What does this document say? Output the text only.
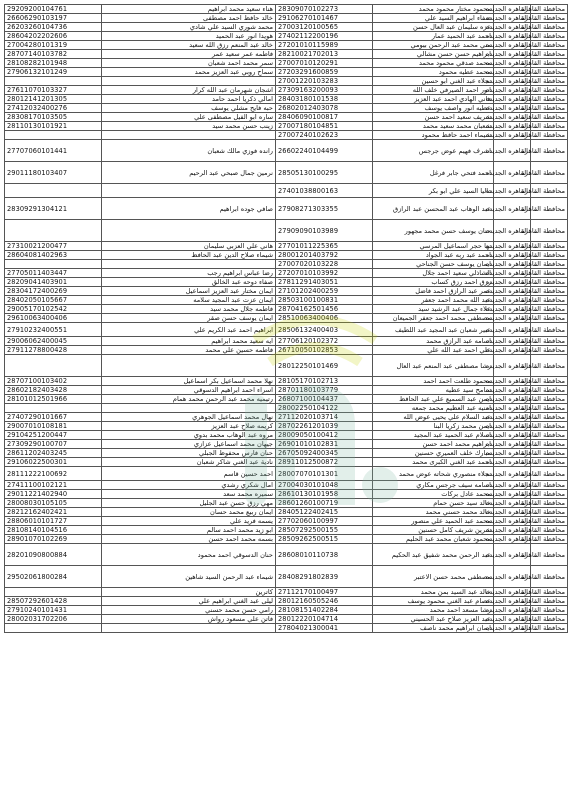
29209200104761	هناء سعيد محمد ابراهيم	28309070102273	محمود مختار محمود محمد	القاهره الجديده	محافظة القاهرة
26606290103197	خالد حافظ احمد مصطفى	29106270101467	صفاء ابراهيم السيد علي	القاهره الجديده	محافظة القاهرة
26203260104736	محمد شوري السيد علي شادي	27003120100565	عزه سليمان عبد العال حسن	القاهره الجديده	محافظة القاهرة
28604202202606	هويدا انور عبد الحميد	27402112200196	احمد عبد الحميد عمار	القاهره الجديده	محافظة القاهرة
27004280101319	خالد عبد المنعم رزق الله سعيد	27201010115989	مني محمد عبد الرحمن بيومي	القاهره الجديده	محافظة القاهرة
28707140103782	فاطمه عمر سعيد عمر	28210021702013	ابراهيم حسن حسن مشالي	القاهره الجديده	محافظة القاهرة
28108282101948	سمر محمد احمد شعبان	27007010120291	محمد صدقي محمود محمد	القاهره الجديده	محافظة القاهرة
27906132101249	سماح روبي عبد العزيز محمد	27203291600859	محمد عطيه محمود	القاهره الجديده	محافظة القاهرة
		27001220103283	نجلاء عبد الغني ابو حسين	القاهره الجديده	محافظة القاهرة
27611070103327	اشجان شهرمان عبد الله كرار	27309163200093	انور احمد الصيرفي خلف الله	القاهره الجديده	محافظة القاهرة
28012141201305	امالي ذكريا احمد حامد	28403180101538	هاني الهادي احمد عبد العزيز	القاهره الجديده	محافظة القاهرة
27412032400276	حبه فايح مشلي يوسف	26802012403078	عطيه انور واصف يوسف	القاهره الجديده	محافظة القاهرة
28308170103505	ساره ابو الفيل مصطفى علي	28406090100817	شريف سعيد احمد حسن	القاهره الجديده	محافظة القاهرة
28110130101921	زينب حسن محمد سيد	27007180104851	شعبان محمد سعيد محمد	القاهره الجديده	محافظة القاهرة
		27007240102623	شيماء احمد حافظ محمود	القاهره الجديده	محافظة القاهرة
27707060101441	رانده فوزي مالك شعبان	26602240104499	اشرف فهيم عوض جرجس	القاهره الجديده	محافظة القاهرة
29011180103407	نرمين جمال صبحي عبد الرحيم	28505130100295	احمد فتحي جابر فرغل	القاهره الجديده	محافظة القاهرة
		27401038800163	داليا السيد علي ابو بكر	القاهره الجديده	محافظة القاهرة
28309291304121	صافي جوده ابراهيم	27908271303355	عبد الوهاب عبد المحسن عبد الرازق	القاهره الجديده	محافظة القاهرة
		27909090103989	حنان يوسف حسن محمد مجهور	القاهره الجديده	محافظة القاهرة
27310021200477	هاني علي العزبي سليمان	27701011225365	نها حجر اسماعيل المرسي	القاهره الجديده	محافظة القاهرة
28604081402963	شيماء صلاح الدين عبد الحافظ	28001201403792	احمد عبد ربه عبد الجواد	القاهره الجديده	محافظة القاهرة
		27007020103228	ايمان يوسف حسن الجناحي	القاهره الجديده	محافظة القاهرة
27705011403447	رضا عباس ابراهيم رجب	27207010103992	الشاذلي سعيد احمد جلال	القاهره الجديده	محافظة القاهرة
28209041403901	صفاء دوحه عبد الخالق	27811291403051	رزق احمد رزق كساب	القاهره الجديده	محافظة القاهرة
28304172400269	ايمان مختار عبد العزيز اسماعيل	27101202400259	عمر عبد الرازق احمد فاضل	القاهره الجديده	محافظة القاهرة
28402050105667	ايمان عزت عبد المجيد سلامه	28503100100831	عبد الله محمد احمد جعفر	القاهره الجديده	محافظة القاهرة
29005170102542	فاطمه جلال محمد سيد	28704162501456	علاء جمال عبد الرشيد سيد	القاهره الجديده	محافظة القاهرة
29610063400406	ايمان يوسف حسن صقر	28510063400406	مصطفى محمد احمد جعفر الجميعان	القاهره الجديده	محافظة القاهرة
27910232400551	ابراهيم احمد عبد الكريم علي	28506132400403	عبير شعبان عبد المجيد عبد اللطيف	القاهره الجديده	محافظة القاهرة
29006062400045	ايه سعيد محمد ابراهيم	27706120102372	اسامه عبد الرازق محمد	القاهره الجديده	محافظة القاهرة
27911278800428	فاطمه حسين علي محمد	26710050102853	علي احمد عبد الله علي	القاهره الجديده	محافظة القاهرة
		28012250101469	رشا مصطفى عبد المنعم عبد العال	القاهره الجديده	محافظة القاهرة
28707100103402	نهلا محمد اسماعيل بكر اسماعيل	28105170102713	محمود طلعت احمد احمد	القاهره الجديده	محافظة القاهرة
28602182403428	اسراء احمد ابراهيم الدسوقي	28701180103779	سامح سيد عطيه	القاهره الجديده	محافظة القاهرة
28101012501966	رتيميه محمد عبد الرحمن محمد همام	26807100104437	ايمن عبد السميع علي عبد الحافظ	القاهره الجديده	محافظة القاهرة
		28002250104122	امنيه عبد العظيم محمد جمعه	القاهره الجديده	محافظة القاهرة
27407290101667	نهال محمد اسماعيل الجوهري	27112020103714	عبد السلام علي يحيى عوض الله	القاهره الجديده	محافظة القاهرة
29007010108181	كريمه صلاح عبد العزيز	28702261201039	ايمن محمد زكريا البنا	القاهره الجديده	محافظة القاهرة
29104251200447	مروه عبد الوهاب محمد بدوي	28009050100412	اسلام عبد الحميد عبد المجيد	القاهره الجديده	محافظة القاهرة
27309290100707	جيهان محمد اسماعيل عزازي	26901010102831	ابراهيم محمد احمد حسن	القاهره الجديده	محافظة القاهرة
28611202403245	حنان فارس محفوظ الجبلي	26705092400345	مبارك خلف العميري حسنين	القاهره الجديده	محافظة القاهرة
29106022500301	نادية عبد الغني شاكر شعبان	28911012500872	احمد عبد الغني الكبرى محمد	القاهره الجديده	محافظة القاهرة
28111222100692	احمد حسين قاسم	28007070101301	نجلاء منصوري شحاته عوض محمد	القاهره الجديده	محافظة القاهرة
27411100102121	امال شكري رشدي	27004030101048	اسامه سيف جرجس مكاري	القاهره الجديده	محافظة القاهرة
29011221402940	سميره محمد سعد	28610130101958	محمد عادل بركات	القاهره الجديده	محافظة القاهرة
28008030105105	مهي رزق حسن عبد الجليل	28601260100719	خالد سيد حسن حمام	القاهره الجديده	محافظة القاهرة
28212162402421	ايمان ربيع محمد حسان	28405122402415	خالد محمد حسني محمد	القاهره الجديده	محافظة القاهرة
28806010101727	يسمه فريد علي	27702060100997	محمد عبد الحميد علي منصور	القاهره الجديده	محافظة القاهرة
28108140104516	ابو زيد محمد احمد سالم	28507292500155	شرين شريف كامل حسنين	القاهره الجديده	محافظة القاهرة
28901070102269	بسمه محمد احمد حسن	28509262500515	محمود شعبان محمد عبد الحليم	القاهره الجديده	محافظة القاهرة
28201090800884	حنان الدسوقي احمد محمود	28608010110738	عبد الرحمن محمد شفيق عبد الحكيم	القاهره الجديده	محافظة القاهرة
29502061800284	شيماء عبد الرحمن السيد شاهين	28408291802839	مصطفى محمد حسن الاعتبر	القاهره الجديده	محافظة القاهرة
	كاترين	27112170100497	خالد عبد السيد بمن محمد	القاهره الجديده	محافظة القاهرة
28507292601428	ليلى عبد الغني ابراهيم علي	28012160505246	عصام عبد الغني محمود يوسف	القاهره الجديده	محافظة القاهرة
27910240101431	رامي حسن محمد حسني	28108151402284	رشا مسعد احمد محمد	القاهره الجديده	محافظة القاهرة
28002031702206	فاتن علي مسعود رواش	28012220104714	عبد العزيز صلاح عبد الحسيني	القاهره الجديده	محافظة القاهرة
		27804021300041	ايمان ابراهيم محمد ناصف	القاهره الجديده	محافظة القاهرة
